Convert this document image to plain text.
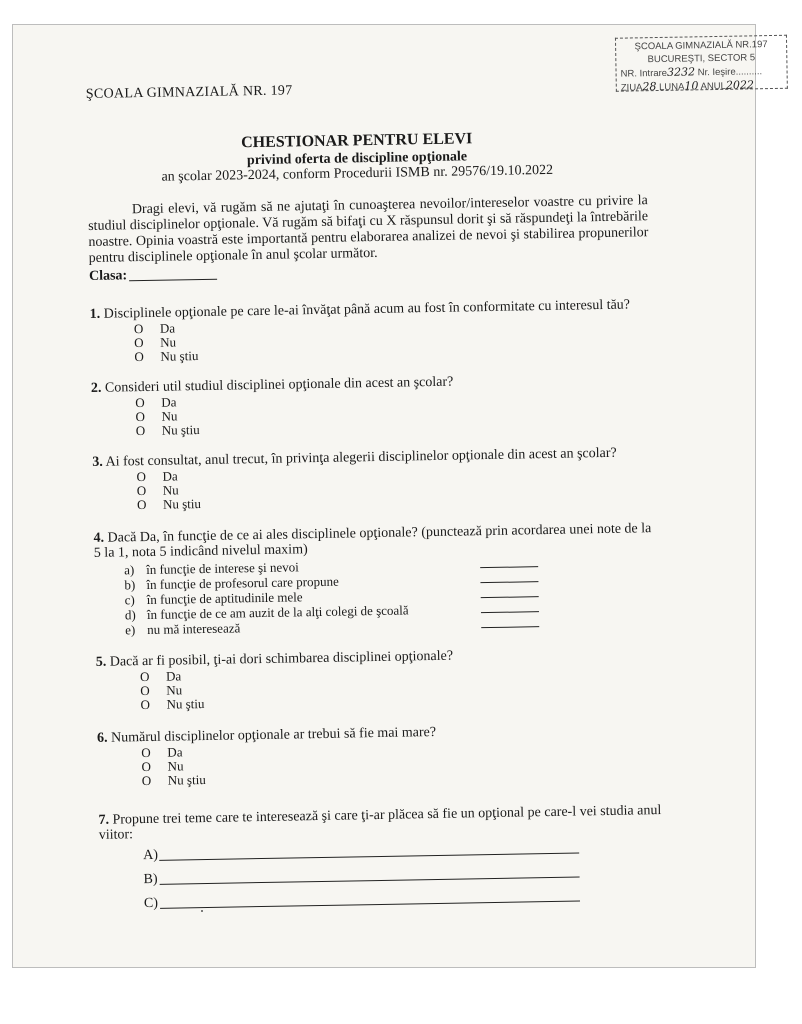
ŞCOALA GIMNAZIALĂ NR.197
BUCUREŞTI, SECTOR 5
NR. Intrare3232 Nr. Ieşire..........
ZIUA28 LUNA10 ANUL2022
ŞCOALA GIMNAZIALĂ NR. 197
CHESTIONAR PENTRU ELEVI
privind oferta de discipline opţionale
an şcolar 2023-2024, conform Procedurii ISMB nr. 29576/19.10.2022
Dragi elevi, vă rugăm să ne ajutaţi în cunoaşterea nevoilor/intereselor voastre cu privire la studiul disciplinelor opţionale. Vă rugăm să bifaţi cu X răspunsul dorit şi să răspundeţi la întrebările noastre. Opinia voastră este importantă pentru elaborarea analizei de nevoi şi stabilirea propunerilor pentru disciplinele opţionale în anul şcolar următor.
Clasa:
1. Disciplinele opţionale pe care le-ai învăţat până acum au fost în conformitate cu interesul tău?
O Da
O Nu
O Nu ştiu
2. Consideri util studiul disciplinei opţionale din acest an şcolar?
O Da
O Nu
O Nu ştiu
3. Ai fost consultat, anul trecut, în privinţa alegerii disciplinelor opţionale din acest an şcolar?
O Da
O Nu
O Nu ştiu
4. Dacă Da, în funcţie de ce ai ales disciplinele opţionale? (punctează prin acordarea unei note de la 5 la 1, nota 5 indicând nivelul maxim)
a) în funcţie de interese şi nevoi
b) în funcţie de profesorul care propune
c) în funcţie de aptitudinile mele
d) în funcţie de ce am auzit de la alţi colegi de şcoală
e) nu mă interesează
5. Dacă ar fi posibil, ţi-ai dori schimbarea disciplinei opţionale?
O Da
O Nu
O Nu ştiu
6. Numărul disciplinelor opţionale ar trebui să fie mai mare?
O Da
O Nu
O Nu ştiu
7. Propune trei teme care te interesează şi care ţi-ar plăcea să fie un opţional pe care-l vei studia anul viitor:
A)
B)
C)
